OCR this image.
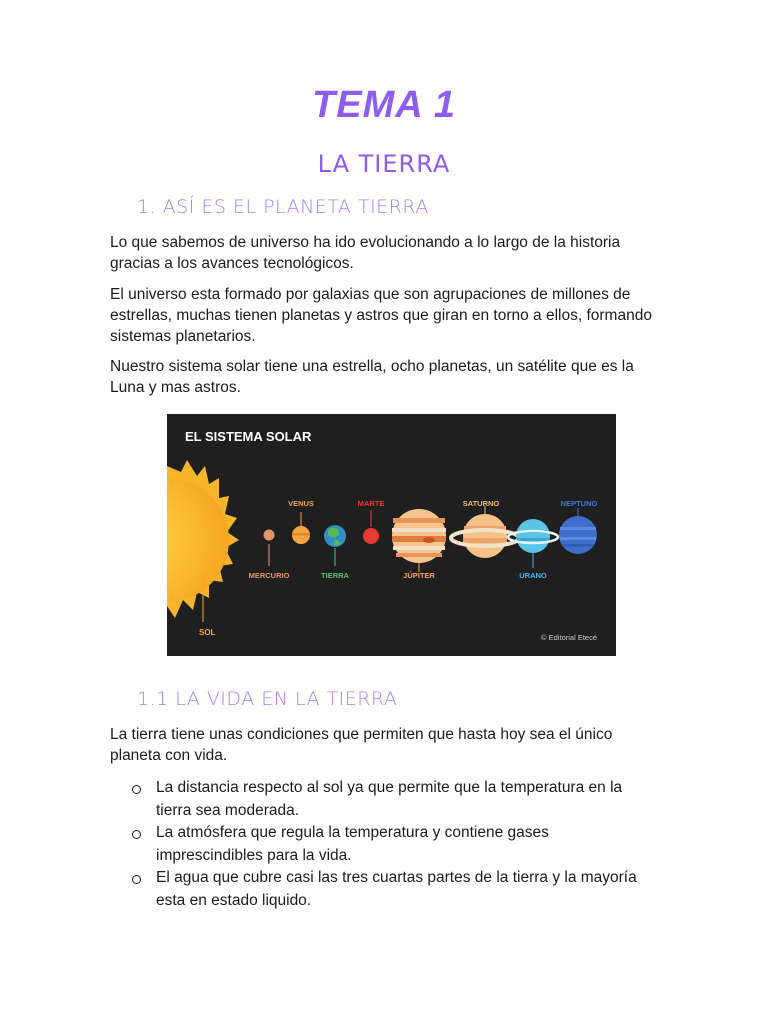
TEMA 1
LA TIERRA
1. ASÍ ES EL PLANETA TIERRA

Lo que sabemos de universo ha ido evolucionando a lo largo de la historia gracias a los avances tecnológicos.

El universo esta formado por galaxias que son agrupaciones de millones de estrellas, muchas tienen planetas y astros que giran en torno a ellos, formando sistemas planetarios.

Nuestro sistema solar tiene una estrella, ocho planetas, un satélite que es la Luna y mas astros.

EL SISTEMA SOLAR
SOL
MERCURIO
VENUS
TIERRA
MARTE
JÚPITER
SATURNO
URANO
NEPTUNO
© Editorial Etecé
1.1 LA VIDA EN LA TIERRA

La tierra tiene unas condiciones que permiten que hasta hoy sea el único planeta con vida.

La distancia respecto al sol ya que permite que la temperatura en la tierra sea moderada.
La atmósfera que regula la temperatura y contiene gases imprescindibles para la vida.
El agua que cubre casi las tres cuartas partes de la tierra y la mayoría esta en estado liquido.
